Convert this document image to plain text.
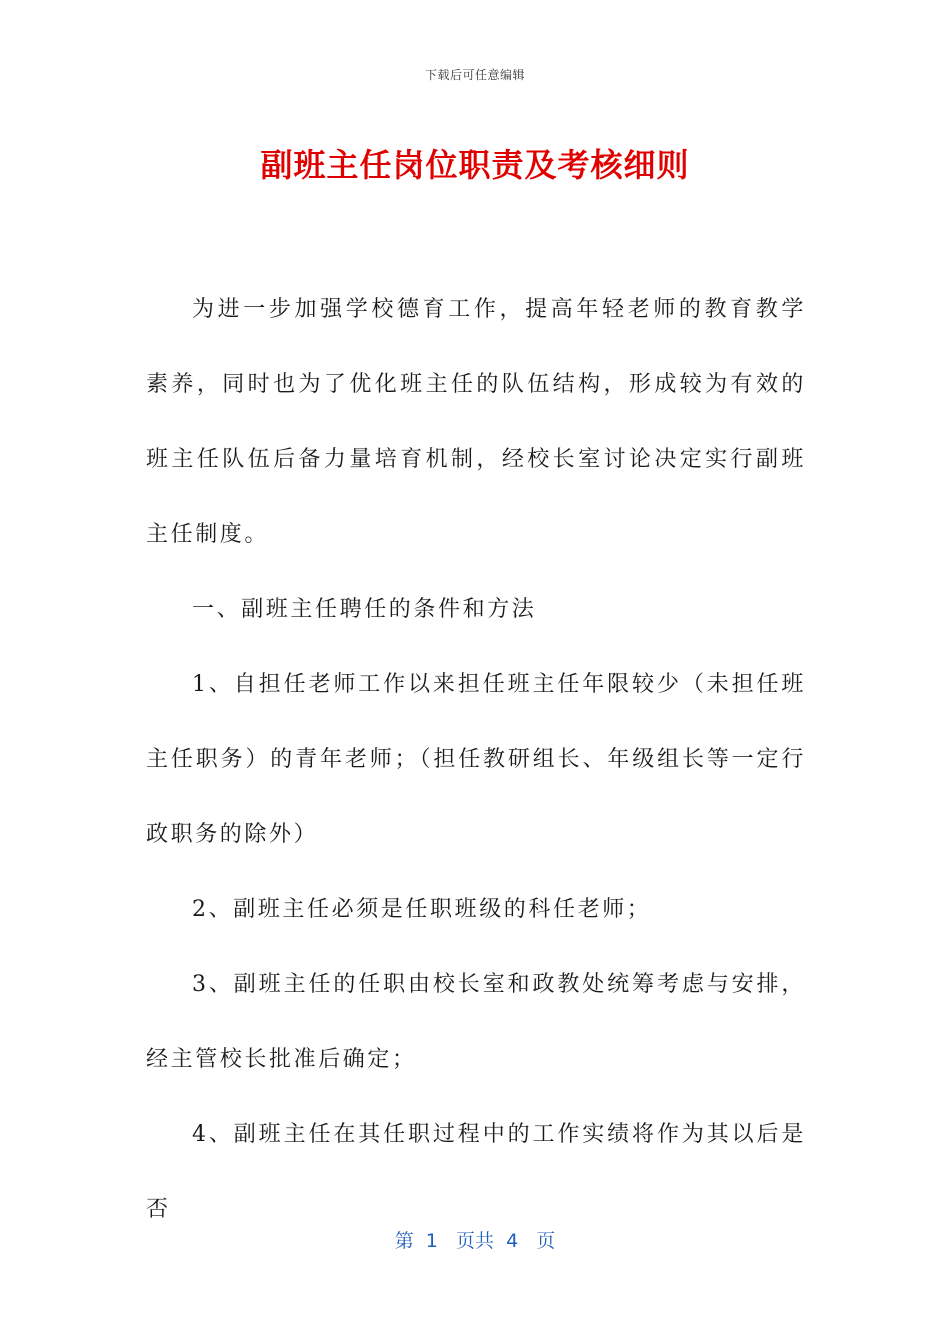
下载后可任意编辑
副班主任岗位职责及考核细则

为进一步加强学校德育工作，提高年轻老师的教育教学素养，同时也为了优化班主任的队伍结构，形成较为有效的班主任队伍后备力量培育机制，经校长室讨论决定实行副班主任制度。

一、副班主任聘任的条件和方法

1、自担任老师工作以来担任班主任年限较少（未担任班主任职务）的青年老师；（担任教研组长、年级组长等一定行政职务的除外）

2、副班主任必须是任职班级的科任老师；

3、副班主任的任职由校长室和政教处统筹考虑与安排，经主管校长批准后确定；

4、副班主任在其任职过程中的工作实绩将作为其以后是否

第  1   页共  4   页
